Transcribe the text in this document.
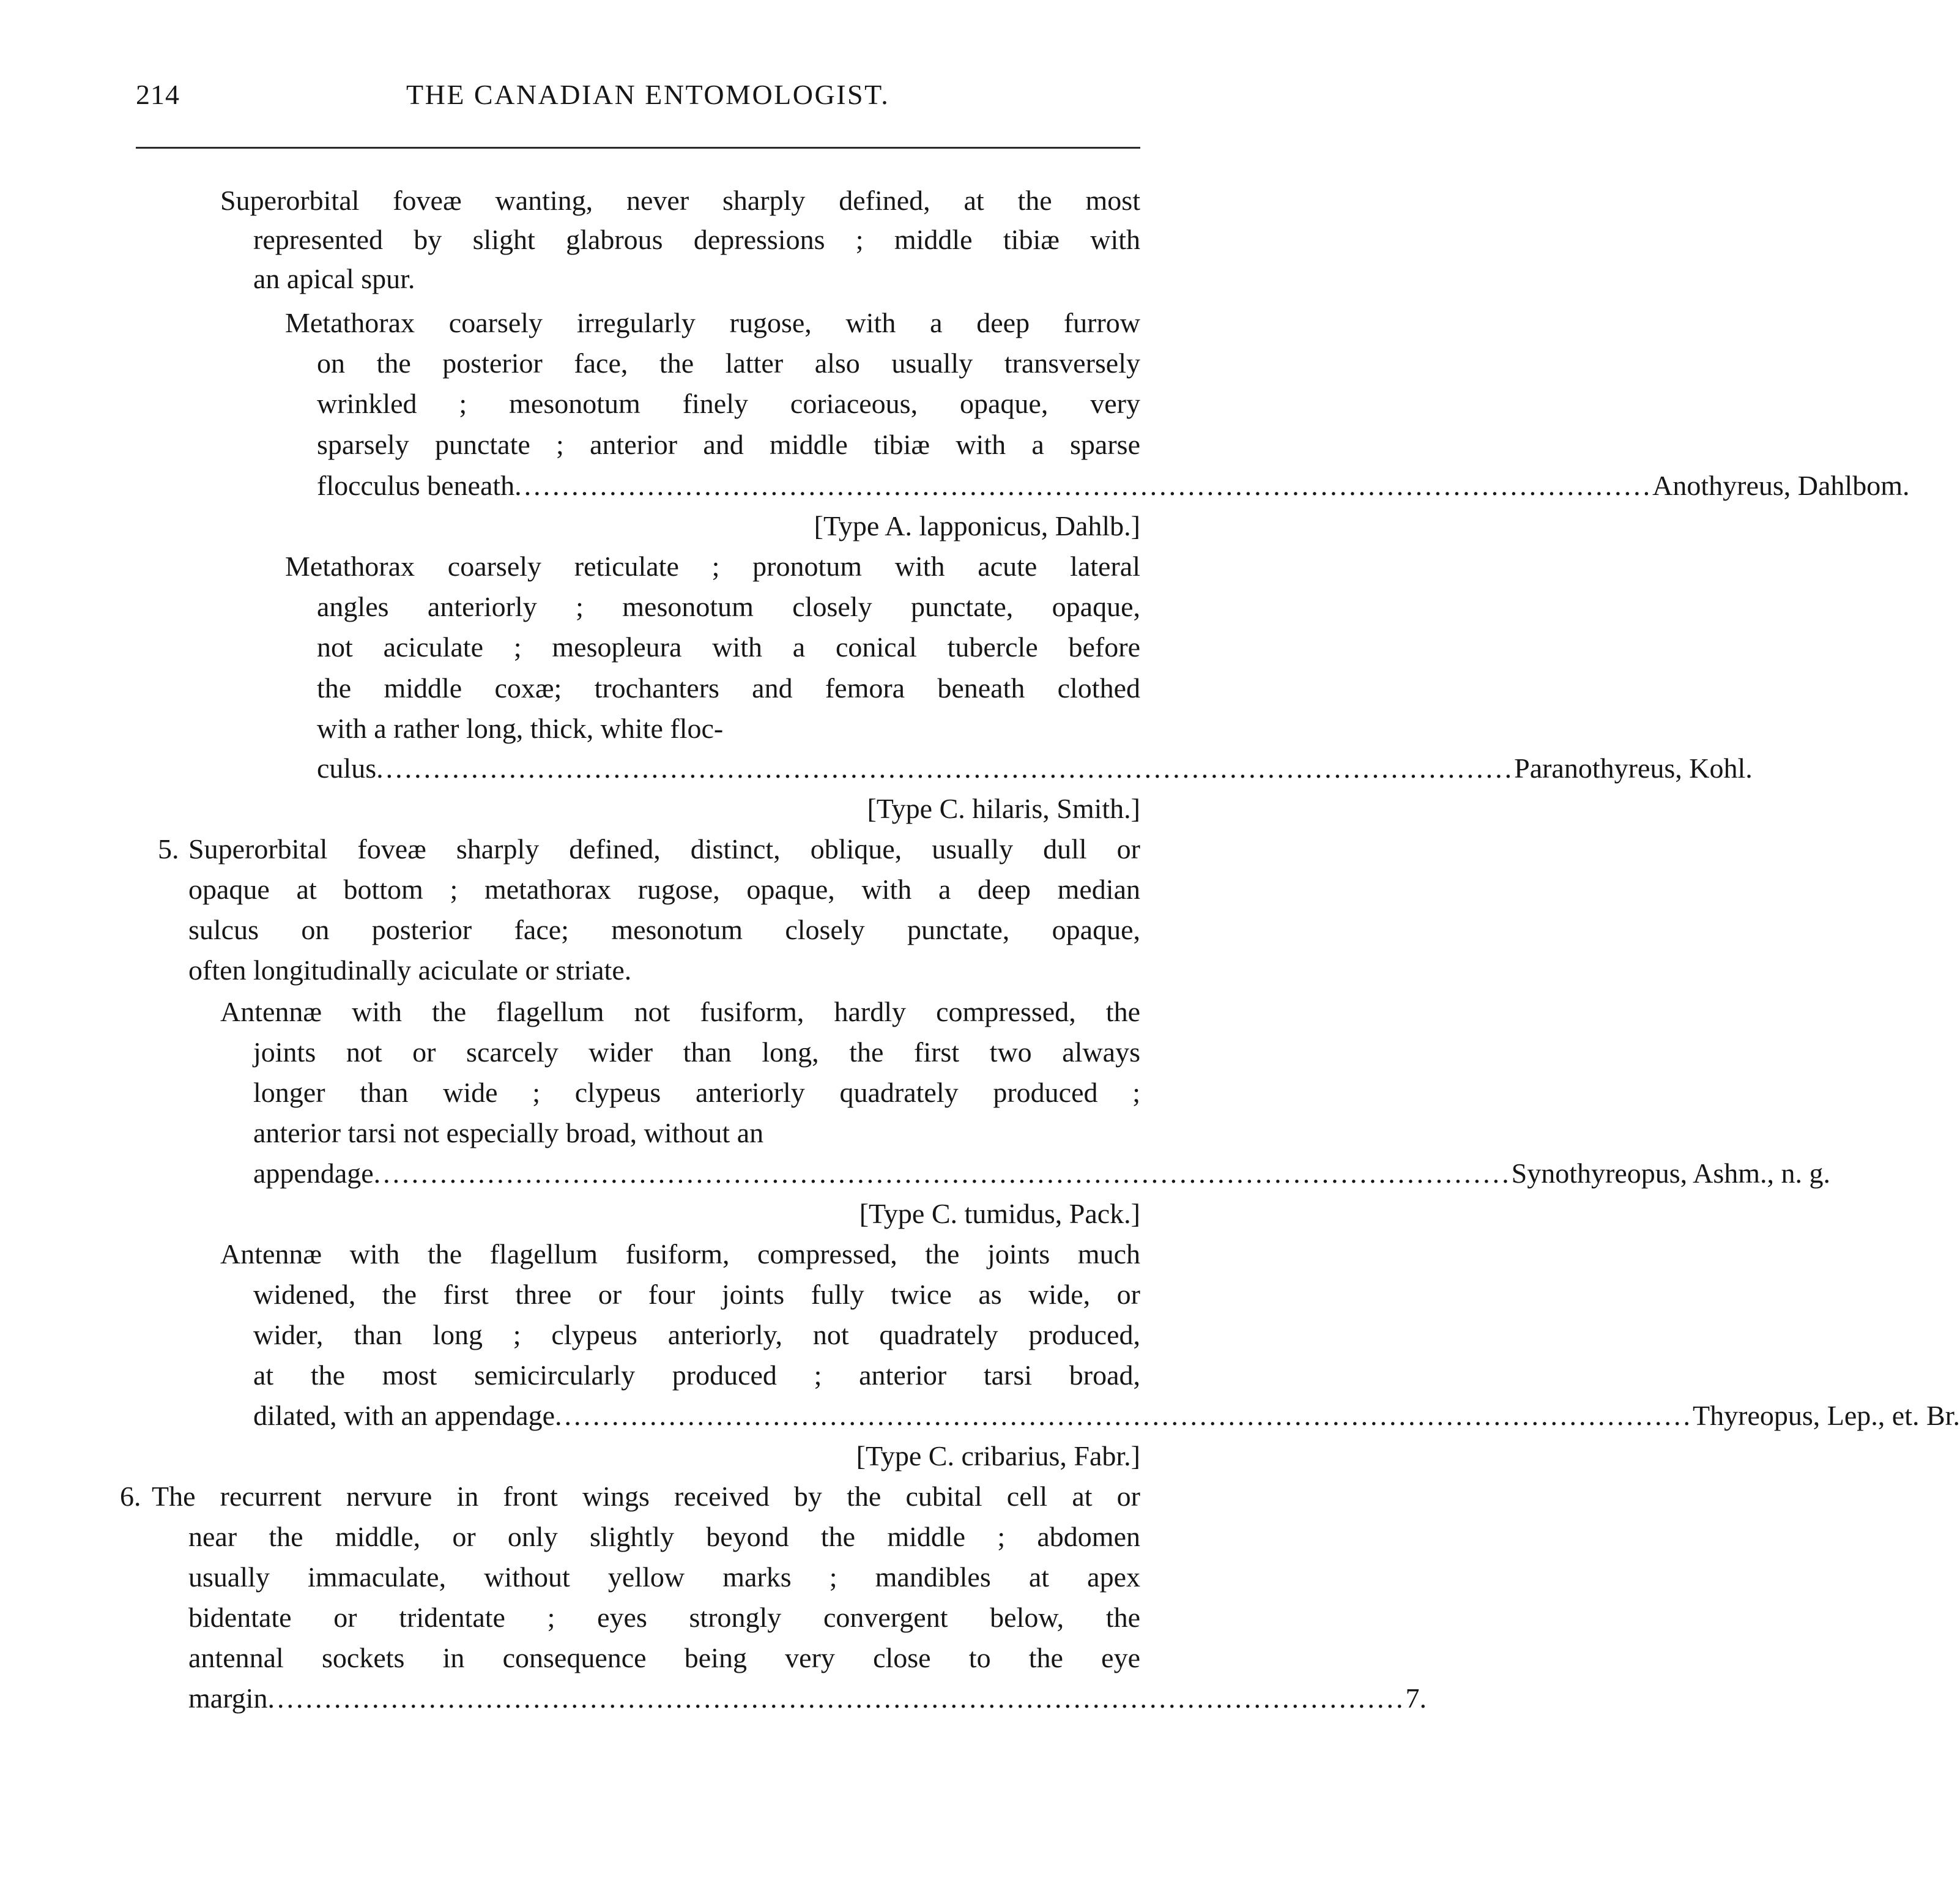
214	THE CANADIAN ENTOMOLOGIST.
Superorbital foveæ wanting, never sharply defined, at the most
represented by slight glabrous depressions ; middle tibiæ with
an apical spur.
Metathorax coarsely irregularly rugose, with a deep furrow
on the posterior face, the latter also usually transversely
wrinkled ; mesonotum finely coriaceous, opaque, very
sparsely punctate ; anterior and middle tibiæ with a sparse
flocculus beneath ........................................................................................................................ Anothyreus, Dahlbom.
[Type A. lapponicus, Dahlb.]
Metathorax coarsely reticulate ; pronotum with acute lateral
angles anteriorly ; mesonotum closely punctate, opaque,
not aciculate ; mesopleura with a conical tubercle before
the middle coxæ; trochanters and femora beneath clothed
with a rather long, thick, white floc-
culus ........................................................................................................................ Paranothyreus, Kohl.
[Type C. hilaris, Smith.]
5. Superorbital foveæ sharply defined, distinct, oblique, usually dull or
opaque at bottom ; metathorax rugose, opaque, with a deep median
sulcus on posterior face; mesonotum closely punctate, opaque,
often longitudinally aciculate or striate.
Antennæ with the flagellum not fusiform, hardly compressed, the
joints not or scarcely wider than long, the first two always
longer than wide ; clypeus anteriorly quadrately produced ;
anterior tarsi not especially broad, without an
appendage ........................................................................................................................ Synothyreopus, Ashm., n. g.
[Type C. tumidus, Pack.]
Antennæ with the flagellum fusiform, compressed, the joints much
widened, the first three or four joints fully twice as wide, or
wider, than long ; clypeus anteriorly, not quadrately produced,
at the most semicircularly produced ; anterior tarsi broad,
dilated, with an appendage ........................................................................................................................ Thyreopus, Lep., et. Br.
[Type C. cribarius, Fabr.]
6. The recurrent nervure in front wings received by the cubital cell at or
near the middle, or only slightly beyond the middle ; abdomen
usually immaculate, without yellow marks ; mandibles at apex
bidentate or tridentate ; eyes strongly convergent below, the
antennal sockets in consequence being very close to the eye
margin ........................................................................................................................ 7.
